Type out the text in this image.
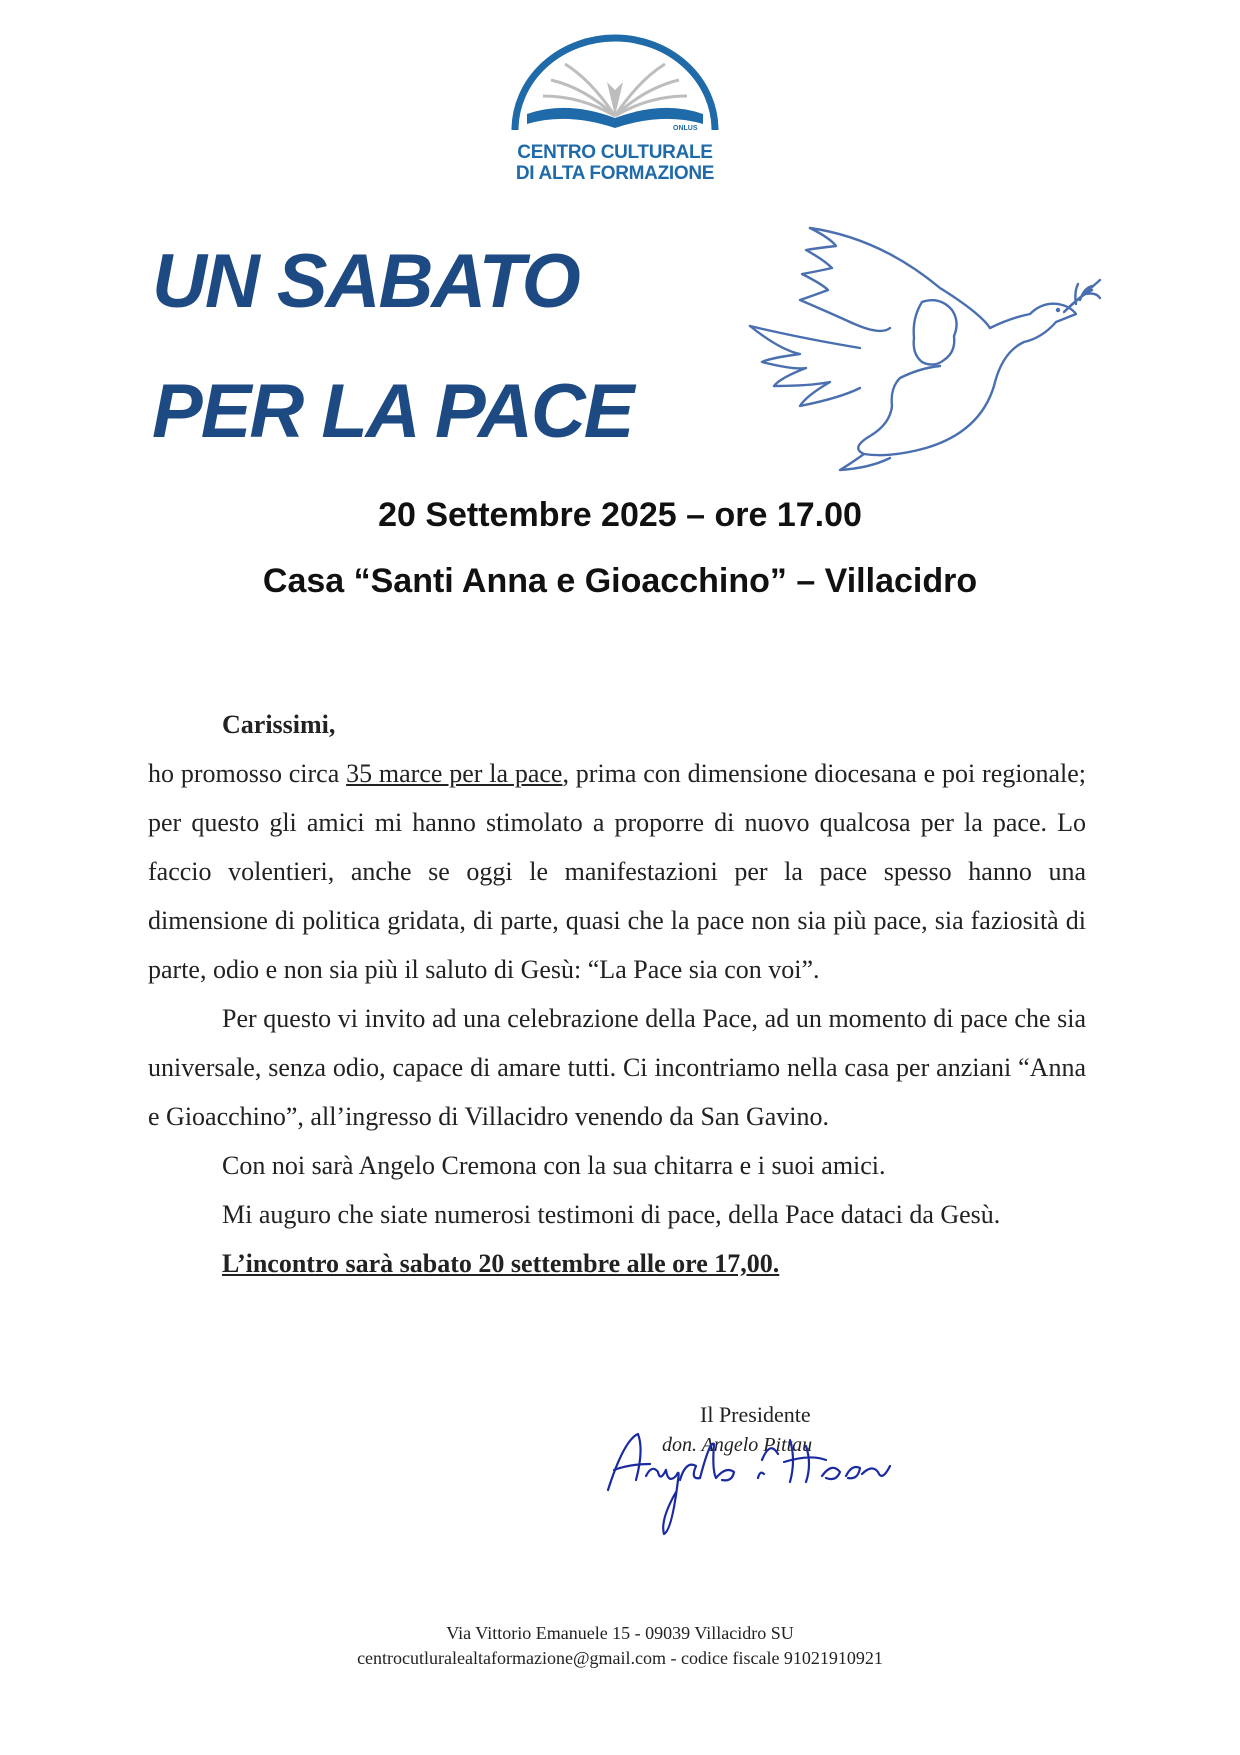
ONLUS
CENTRO CULTURALE
DI ALTA FORMAZIONE
UN SABATO
PER LA PACE
20 Settembre 2025 – ore 17.00
Casa “Santi Anna e Gioacchino” – Villacidro

Carissimi,

ho promosso circa 35 marce per la pace, prima con dimensione diocesana e poi regionale; per questo gli amici mi hanno stimolato a proporre di nuovo qualcosa per la pace. Lo faccio volentieri, anche se oggi le manifestazioni per la pace spesso hanno una dimensione di politica gridata, di parte, quasi che la pace non sia più pace, sia faziosità di parte, odio e non sia più il saluto di Gesù: “La Pace sia con voi”.

Per questo vi invito ad una celebrazione della Pace, ad un momento di pace che sia universale, senza odio, capace di amare tutti. Ci incontriamo nella casa per anziani “Anna e Gioacchino”, all’ingresso di Villacidro venendo da San Gavino.

Con noi sarà Angelo Cremona con la sua chitarra e i suoi amici.

Mi auguro che siate numerosi testimoni di pace, della Pace dataci da Gesù.

L’incontro sarà sabato 20 settembre alle ore 17,00.

Il Presidente
don. Angelo Pittau
Via Vittorio Emanuele 15 - 09039 Villacidro SU
centrocutluralealtaformazione@gmail.com - codice fiscale 91021910921
